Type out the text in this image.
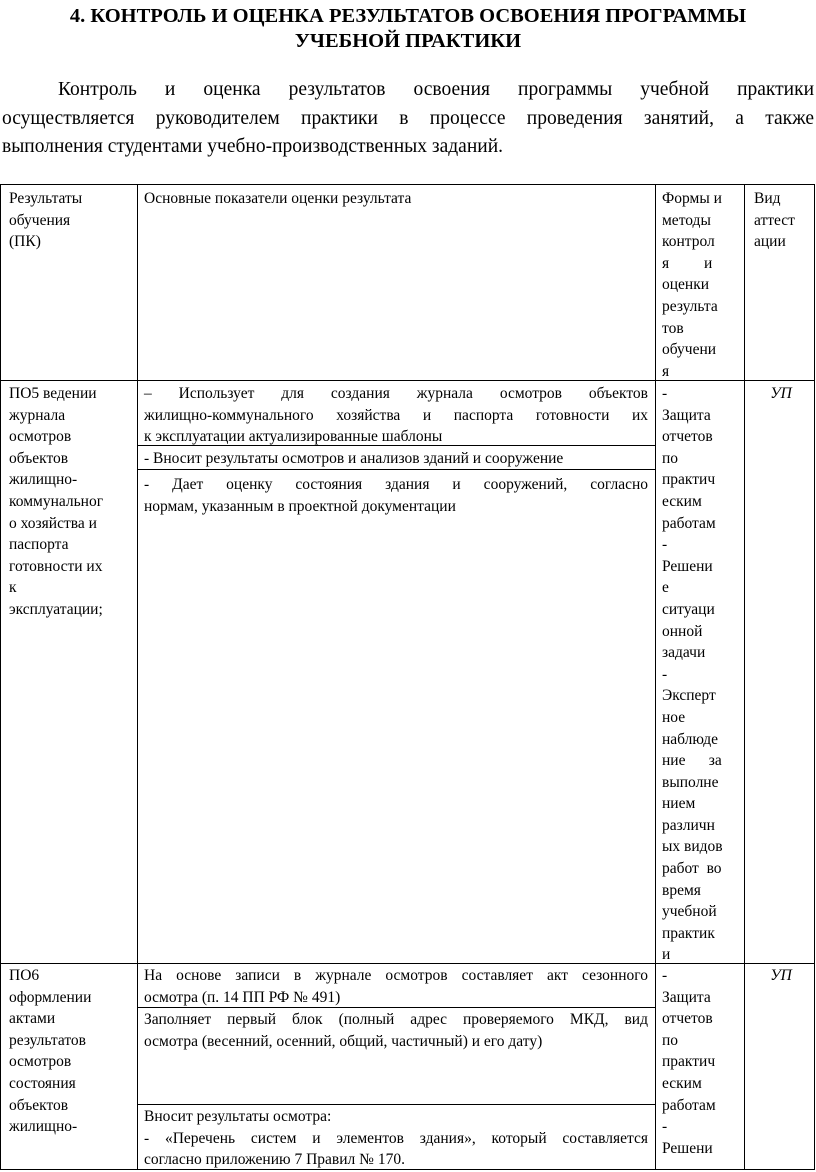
4. КОНТРОЛЬ И ОЦЕНКА РЕЗУЛЬТАТОВ ОСВОЕНИЯ ПРОГРАММЫ
УЧЕБНОЙ ПРАКТИКИ
Контроль и оценка результатов освоения программы учебной практики
осуществляется руководителем практики в процессе проведения занятий, а также
выполнения студентами учебно-производственных заданий.
Результаты
обучения
(ПК)
Основные показатели оценки результата	Формы и
методы
контрол
я         и
оценки
результа
тов
обучени
я
Вид
аттест
ации
ПО5 ведении
журнала
осмотров
объектов
жилищно-
коммунальног
о хозяйства и
паспорта
готовности их
к
эксплуатации;
– Использует для создания журнала осмотров объектов
жилищно-коммунального хозяйства и паспорта готовности их
к эксплуатации актуализированные шаблоны
- Вносит результаты осмотров и анализов зданий и сооружение
- Дает оценку состояния здания и сооружений, согласно
нормам, указанным в проектной документации
-
Защита
отчетов
по
практич
еским
работам
-
Решени
е
ситуаци
онной
задачи
-
Эксперт
ное
наблюде
ние      за
выполне
нием
различн
ых видов
работ  во
время
учебной
практик
и
УП
ПО6
оформлении
актами
результатов
осмотров
состояния
объектов
жилищно-
На основе записи в журнале осмотров составляет акт сезонного
осмотра (п. 14 ПП РФ № 491)
Заполняет первый блок (полный адрес проверяемого МКД, вид
осмотра (весенний, осенний, общий, частичный) и его дату)
Вносит результаты осмотра:
- «Перечень систем и элементов здания», который составляется
согласно приложению 7 Правил № 170.
-
Защита
отчетов
по
практич
еским
работам
-
Решени
УП
